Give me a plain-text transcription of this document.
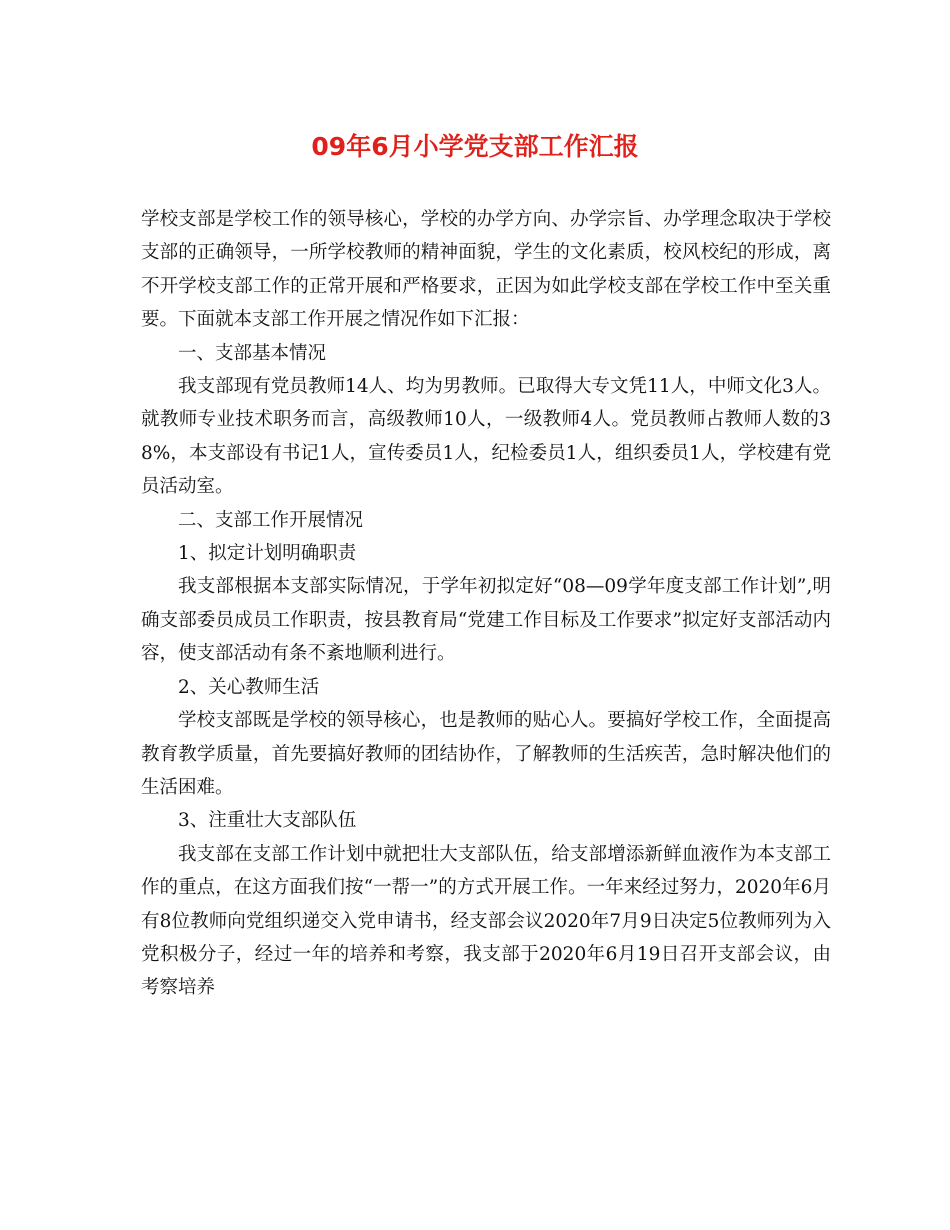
09年6月小学党支部工作汇报

学校支部是学校工作的领导核心，学校的办学方向、办学宗旨、办学理念取决于学校支部的正确领导，一所学校教师的精神面貌，学生的文化素质，校风校纪的形成，离不开学校支部工作的正常开展和严格要求，正因为如此学校支部在学校工作中至关重要。下面就本支部工作开展之情况作如下汇报：

一、支部基本情况

我支部现有党员教师14人、均为男教师。已取得大专文凭11人，中师文化3人。就教师专业技术职务而言，高级教师10人，一级教师4人。党员教师占教师人数的38%，本支部设有书记1人，宣传委员1人，纪检委员1人，组织委员1人，学校建有党员活动室。

二、支部工作开展情况

1、拟定计划明确职责

我支部根据本支部实际情况，于学年初拟定好“08—09学年度支部工作计划”,明确支部委员成员工作职责，按县教育局“党建工作目标及工作要求”拟定好支部活动内容，使支部活动有条不紊地顺利进行。

2、关心教师生活

学校支部既是学校的领导核心，也是教师的贴心人。要搞好学校工作，全面提高教育教学质量，首先要搞好教师的团结协作，了解教师的生活疾苦，急时解决他们的生活困难。

3、注重壮大支部队伍

我支部在支部工作计划中就把壮大支部队伍，给支部增添新鲜血液作为本支部工作的重点，在这方面我们按“一帮一”的方式开展工作。一年来经过努力，2020年6月有8位教师向党组织递交入党申请书，经支部会议2020年7月9日决定5位教师列为入党积极分子，经过一年的培养和考察，我支部于2020年6月19日召开支部会议，由考察培养
